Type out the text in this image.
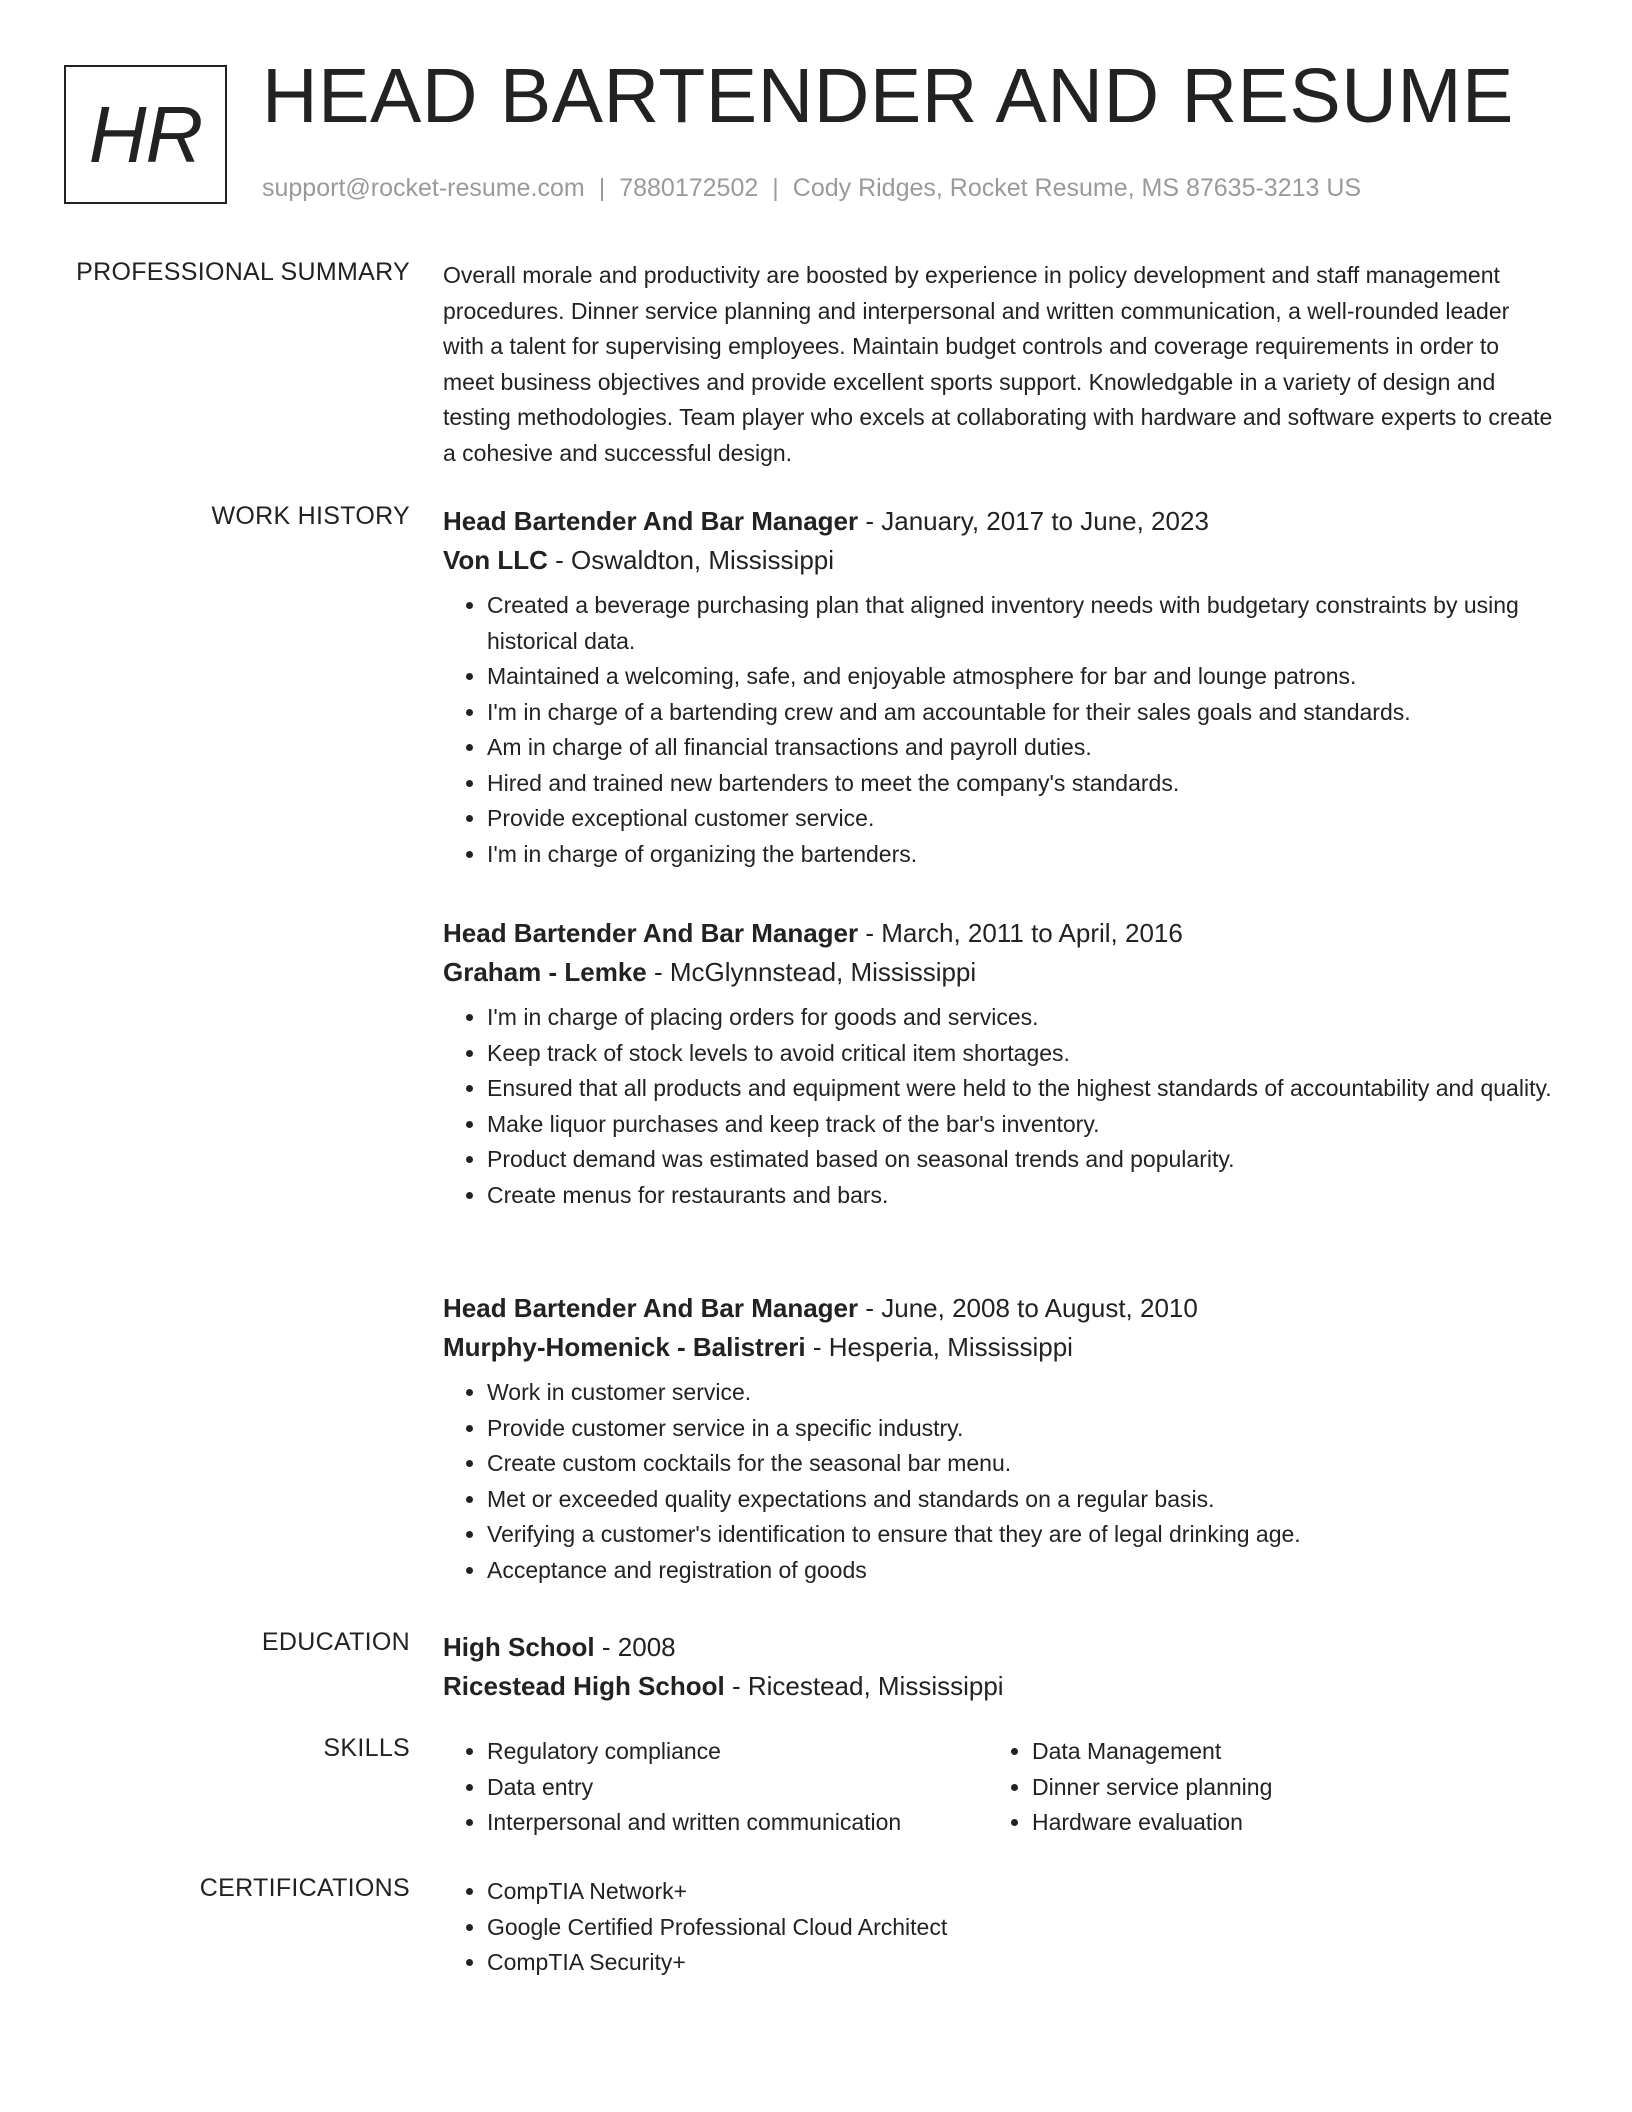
HR HEAD BARTENDER AND RESUME
support@rocket-resume.com | 7880172502 | Cody Ridges, Rocket Resume, MS 87635-3213 US
PROFESSIONAL SUMMARY Overall morale and productivity are boosted by experience in policy development and staff management procedures. Dinner service planning and interpersonal and written communication, a well-rounded leader with a talent for supervising employees. Maintain budget controls and coverage requirements in order to meet business objectives and provide excellent sports support. Knowledgable in a variety of design and testing methodologies. Team player who excels at collaborating with hardware and software experts to create a cohesive and successful design.

WORK HISTORY Head Bartender And Bar Manager - January, 2017 to June, 2023
Von LLC - Oswaldton, Mississippi
• Created a beverage purchasing plan that aligned inventory needs with budgetary constraints by using historical data.
• Maintained a welcoming, safe, and enjoyable atmosphere for bar and lounge patrons.
• I'm in charge of a bartending crew and am accountable for their sales goals and standards.
• Am in charge of all financial transactions and payroll duties.
• Hired and trained new bartenders to meet the company's standards.
• Provide exceptional customer service.
• I'm in charge of organizing the bartenders.
Head Bartender And Bar Manager - March, 2011 to April, 2016
Graham - Lemke - McGlynnstead, Mississippi
• I'm in charge of placing orders for goods and services.
• Keep track of stock levels to avoid critical item shortages.
• Ensured that all products and equipment were held to the highest standards of accountability and quality.
• Make liquor purchases and keep track of the bar's inventory.
• Product demand was estimated based on seasonal trends and popularity.
• Create menus for restaurants and bars.
Head Bartender And Bar Manager - June, 2008 to August, 2010
Murphy-Homenick - Balistreri - Hesperia, Mississippi
• Work in customer service.
• Provide customer service in a specific industry.
• Create custom cocktails for the seasonal bar menu.
• Met or exceeded quality expectations and standards on a regular basis.
• Verifying a customer's identification to ensure that they are of legal drinking age.
• Acceptance and registration of goods
EDUCATION High School - 2008
Ricestead High School - Ricestead, Mississippi
SKILLS	• Regulatory compliance
• Data entry
• Interpersonal and written communication
• Data Management
• Dinner service planning
• Hardware evaluation
CERTIFICATIONS	• CompTIA Network+
• Google Certified Professional Cloud Architect
• CompTIA Security+
